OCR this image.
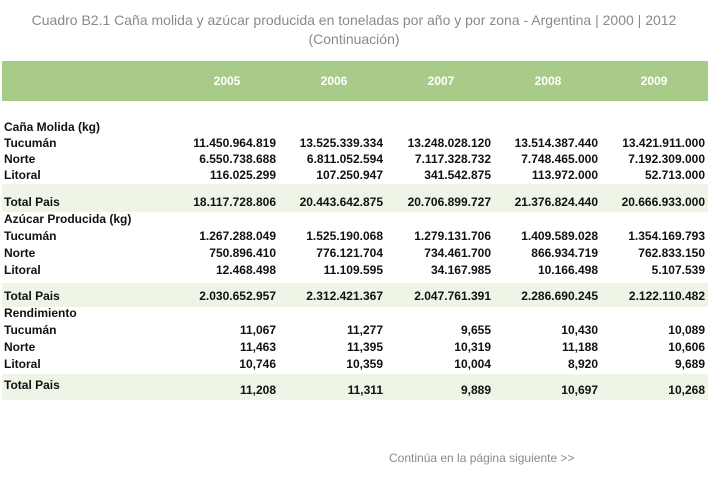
Cuadro B2.1 Caña molida y azúcar producida en toneladas por año y por zona - Argentina | 2000 | 2012
(Continuación)
2005	2006	2007	2008	2009
Caña Molida (kg)
Tucumán	11.450.964.819 13.525.339.334 13.248.028.120 13.514.387.440 13.421.911.000
Norte	6.550.738.688	6.811.052.594	7.117.328.732	7.748.465.000	7.192.309.000
Litoral	116.025.299	107.250.947	341.542.875	113.972.000	52.713.000
Total Pais	18.117.728.806 20.443.642.875 20.706.899.727 21.376.824.440 20.666.933.000
Azúcar Producida (kg)
Tucumán	1.267.288.049	1.525.190.068	1.279.131.706	1.409.589.028	1.354.169.793
Norte	750.896.410	776.121.704	734.461.700	866.934.719	762.833.150
Litoral	12.468.498	11.109.595	34.167.985	10.166.498	5.107.539
Total Pais	2.030.652.957	2.312.421.367	2.047.761.391	2.286.690.245	2.122.110.482
Rendimiento
Tucumán	11,067	11,277	9,655	10,430	10,089
Norte	11,463	11,395	10,319	11,188	10,606
Litoral	10,746	10,359	10,004	8,920	9,689
Total Pais	11,208	11,311	9,889	10,697	10,268
Continúa en la página siguiente >>
